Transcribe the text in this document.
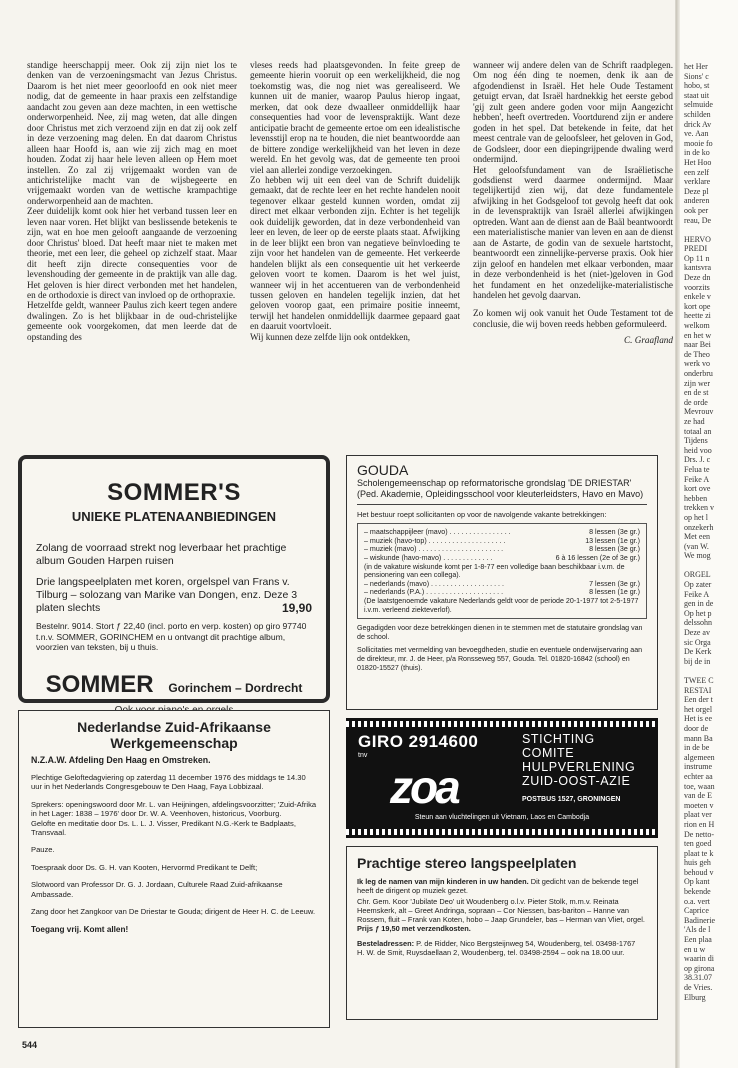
standige heerschappij meer. Ook zij zijn niet los te denken van de verzoeningsmacht van Jezus Christus. Daarom is het niet meer geoorloofd en ook niet meer nodig, dat de gemeente in haar praxis een zelfstandige aandacht zou geven aan deze machten, in een wettische onderworpenheid. Nee, zij mag weten, dat alle dingen door Christus met zich verzoend zijn en dat zij ook zelf in deze verzoening mag delen. En dat daarom Christus alleen haar Hoofd is, aan wie zij zich mag en moet houden. Zodat zij haar hele leven alleen op Hem moet instellen. Zo zal zij vrijgemaakt worden van de antichristelijke macht van de wijsbegeerte en vrijgemaakt worden van de wettische krampachtige onderworpenheid aan de machten.

Zeer duidelijk komt ook hier het verband tussen leer en leven naar voren. Het blijkt van beslissende betekenis te zijn, wat en hoe men gelooft aangaande de verzoening door Christus' bloed. Dat heeft maar niet te maken met theorie, met een leer, die geheel op zichzelf staat. Maar dit heeft zijn directe consequenties voor de levenshouding der gemeente in de praktijk van alle dag. Het geloven is hier direct verbonden met het handelen, en de orthodoxie is direct van invloed op de orthopraxie.

Hetzelfde geldt, wanneer Paulus zich keert tegen andere dwalingen. Zo is het blijkbaar in de oud-christelijke gemeente ook voorgekomen, dat men leerde dat de opstanding des

vleses reeds had plaatsgevonden. In feite greep de gemeente hierin vooruit op een werkelijkheid, die nog toekomstig was, die nog niet was gerealiseerd. We kunnen uit de manier, waarop Paulus hierop ingaat, merken, dat ook deze dwaalleer onmiddellijk haar consequenties had voor de levenspraktijk. Want deze anticipatie bracht de gemeente ertoe om een idealistische levensstijl erop na te houden, die niet beantwoordde aan de bittere zondige werkelijkheid van het leven in deze wereld. En het gevolg was, dat de gemeente ten prooi viel aan allerlei zondige verzoekingen.

Zo hebben wij uit een deel van de Schrift duidelijk gemaakt, dat de rechte leer en het rechte handelen nooit tegenover elkaar gesteld kunnen worden, omdat zij direct met elkaar verbonden zijn. Echter is het tegelijk ook duidelijk geworden, dat in deze verbondenheid van leer en leven, de leer op de eerste plaats staat. Afwijking in de leer blijkt een bron van negatieve beïnvloeding te zijn voor het handelen van de gemeente. Het verkeerde handelen blijkt als een consequentie uit het verkeerde geloven voort te komen. Daarom is het wel juist, wanneer wij in het accentueren van de verbondenheid tussen geloven en handelen tegelijk inzien, dat het geloven voorop gaat, een primaire positie inneemt, terwijl het handelen onmiddellijk daarmee gepaard gaat en daaruit voortvloeit.

Wij kunnen deze zelfde lijn ook ontdekken,

wanneer wij andere delen van de Schrift raadplegen. Om nog één ding te noemen, denk ik aan de afgodendienst in Israël. Het hele Oude Testament getuigt ervan, dat Israël hardnekkig het eerste gebod 'gij zult geen andere goden voor mijn Aangezicht hebben', heeft overtreden. Voortdurend zijn er andere goden in het spel. Dat betekende in feite, dat het meest centrale van de geloofsleer, het geloven in God, de Godsleer, door een diepingrijpende dwaling werd ondermijnd.

Het geloofsfundament van de Israëlietische godsdienst werd daarmee ondermijnd. Maar tegelijkertijd zien wij, dat deze fundamentele afwijking in het Godsgeloof tot gevolg heeft dat ook in de levenspraktijk van Israël allerlei afwijkingen optreden. Want aan de dienst aan de Baäl beantwoordt een materialistische manier van leven en aan de dienst aan de Astarte, de godin van de sexuele hartstocht, beantwoordt een zinnelijke-perverse praxis. Ook hier zijn geloof en handelen met elkaar verbonden, maar in deze verbondenheid is het (niet-)geloven in God het fundament en het onzedelijke-materialistische handelen het gevolg daarvan.

Zo komen wij ook vanuit het Oude Testament tot de conclusie, die wij boven reeds hebben geformuleerd.

C. Graafland
SOMMER'S
UNIEKE PLATENAANBIEDINGEN
Zolang de voorraad strekt nog leverbaar het prachtige album Gouden Harpen ruisen
Drie langspeelplaten met koren, orgelspel van Frans v. Tilburg – solozang van Marike van Dongen, enz. Deze 3 platen slechts	19,90
Bestelnr. 9014. Stort ƒ 22,40 (incl. porto en verp. kosten) op giro 97740 t.n.v. SOMMER, GORINCHEM en u ontvangt dit prachtige album, voorzien van teksten, bij u thuis.
SOMMER Gorinchem – Dordrecht
Nederlandse Zuid-Afrikaanse Werkgemeenschap
N.Z.A.W. Afdeling Den Haag en Omstreken.
Plechtige Geloftedagviering op zaterdag 11 december 1976 des middags te 14.30 uur in het Nederlands Congresgebouw te Den Haag, Faya Lobbizaal.
Sprekers: openingswoord door Mr. L. van Heijningen, afdelingsvoorzitter; 'Zuid-Afrika in het Lager: 1838 – 1976' door Dr. W. A. Veenhoven, historicus, Voorburg.
Gelofte en meditatie door Ds. L. L. J. Visser, Predikant N.G.-Kerk te Badplaats, Transvaal.
Pauze.
Toespraak door Ds. G. H. van Kooten, Hervormd Predikant te Delft;
Slotwoord van Professor Dr. G. J. Jordaan, Culturele Raad Zuid-afrikaanse Ambassade.
Zang door het Zangkoor van De Driestar te Gouda; dirigent de Heer H. C. de Leeuw.
Toegang vrij. Komt allen!
GOUDA
Scholengemeenschap op reformatorische grondslag 'DE DRIESTAR' (Ped. Akademie, Opleidingsschool voor kleuterleidsters, Havo en Mavo)
Het bestuur roept sollicitanten op voor de navolgende vakante betrekkingen:
– maatschappijleer (mavo) . . . . . . . . . . . . . . . .	8 lessen (3e gr.)
– muziek (havo-top) . . . . . . . . . . . . . . . . . . . .	13 lessen (1e gr.)
– muziek (mavo) . . . . . . . . . . . . . . . . . . . . . .	8 lessen (3e gr.)
– wiskunde (havo-mavo) . . . . . . . . . . . . .	6 à 16 lessen (2e of 3e gr.)
(in de vakature wiskunde komt per 1-8-77 een volledige baan beschikbaar i.v.m. de pensionering van een collega).
– nederlands (mavo) . . . . . . . . . . . . . . . . . . .	7 lessen (3e gr.)
– nederlands (P.A.) . . . . . . . . . . . . . . . . . . . .	8 lessen (1e gr.)
(De laatstgenoemde vakature Nederlands geldt voor de periode 20-1-1977 tot 2-5-1977 i.v.m. verleend ziekteverlof).
Gegadigden voor deze betrekkingen dienen in te stemmen met de statutaire grondslag van de school.
Sollicitaties met vermelding van bevoegdheden, studie en eventuele onderwijservaring aan de direkteur, mr. J. de Heer, p/a Ronsseweg 557, Gouda. Tel. 01820-16842 (school) en 01820-15527 (thuis).
GIRO 2914600
tnv
zoa
STICHTING
COMITE
HULPVERLENING
ZUID-OOST-AZIE
POSTBUS 1527, GRONINGEN
Steun aan vluchtelingen uit Vietnam, Laos en Cambodja
Prachtige stereo langspeelplaten
Ik leg de namen van mijn kinderen in uw handen. Dit gedicht van de bekende tegel heeft de dirigent op muziek gezet.
Chr. Gem. Koor 'Jubilate Deo' uit Woudenberg o.l.v. Pieter Stolk, m.m.v. Reinata Heemskerk, alt – Greet Andringa, sopraan – Cor Niessen, bas-bariton – Hanne van Rossem, fluit – Frank van Koten, hobo – Jaap Grundeler, bas – Herman van Vliet, orgel. Prijs ƒ 19,50 met verzendkosten.
Besteladressen: P. de Ridder, Nico Bergsteijnweg 54, Woudenberg, tel. 03498-1767
H. W. de Smit, Ruysdaellaan 2, Woudenberg, tel. 03498-2594 – ook na 18.00 uur.
544
het Her
Sions' c
hobo, st
staat uit
selmuide
schilden
drick Av
ve. Aan
mooie fo
in de ko
Het Hoo
een zelf
verklare
Deze pl
anderen
ook per
reau, De

HERVO
PREDI
Op 11 n
kantsvra
Deze dn
voorzits
enkele v
kort ope
heette zi
welkom
en het w
naar Bei
de Theo
werk vo
onderbru
zijn wer
en de st
de orde
Mevrouv
ze had
totaal an
Tijdens
heid voo
Drs. J. c
Felua te
Feike A
kort ove
hebben
trekken v
op het l
onzekerh
Met een
(van W.
We mog

ORGEL
Op zater
Feike A
gen in de
Op het p
delssohn
Deze av
sic Orga
De Kerk
bij de in

TWEE C
RESTAI
Een der t
het orgel
Het is ee
door de
mann Ba
in de be
algemeen
instrume
echter aa
toe, waan
van de E
moeten v
plaat ver
rion en H
De netto-
ten goed
plaat te k
huis geh
behoud v
Op kant
bekende
o.a. vert
Caprice
Badinerie
'Als de l
Een plaa
en u w
waarin di
op girona
38.31.07
de Vries.
Elburg
